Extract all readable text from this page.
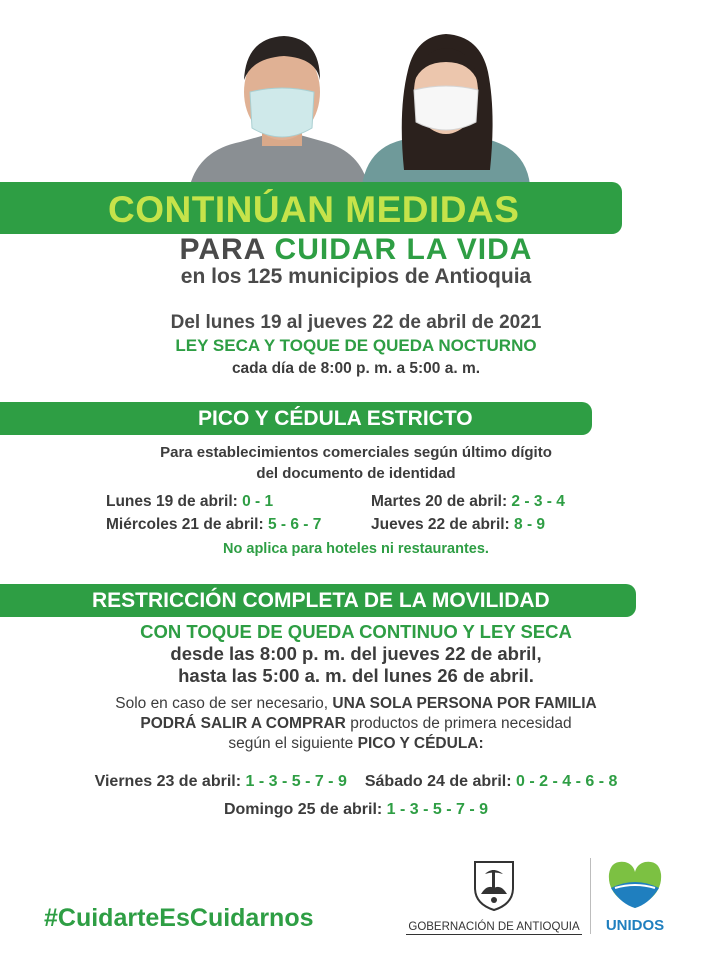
CONTINÚAN MEDIDAS
PARA CUIDAR LA VIDA
en los 125 municipios de Antioquia
Del lunes 19 al jueves 22 de abril de 2021
LEY SECA Y TOQUE DE QUEDA NOCTURNO
cada día de 8:00 p. m. a 5:00 a. m.
PICO Y CÉDULA ESTRICTO
Para establecimientos comerciales según último dígito
del documento de identidad
Lunes 19 de abril: 0 - 1	Martes 20 de abril: 2 - 3 - 4
Miércoles 21 de abril: 5 - 6 - 7	Jueves 22 de abril: 8 - 9
No aplica para hoteles ni restaurantes.
RESTRICCIÓN COMPLETA DE LA MOVILIDAD
CON TOQUE DE QUEDA CONTINUO Y LEY SECA
desde las 8:00 p. m. del jueves 22 de abril,
hasta las 5:00 a. m. del lunes 26 de abril.
Solo en caso de ser necesario, UNA SOLA PERSONA POR FAMILIA
PODRÁ SALIR A COMPRAR productos de primera necesidad
según el siguiente PICO Y CÉDULA:
Viernes 23 de abril: 1 - 3 - 5 - 7 - 9 Sábado 24 de abril: 0 - 2 - 4 - 6 - 8
Domingo 25 de abril: 1 - 3 - 5 - 7 - 9
#CuidarteEsCuidarnos	GOBERNACIÓN DE ANTIOQUIA	UNIDOS
